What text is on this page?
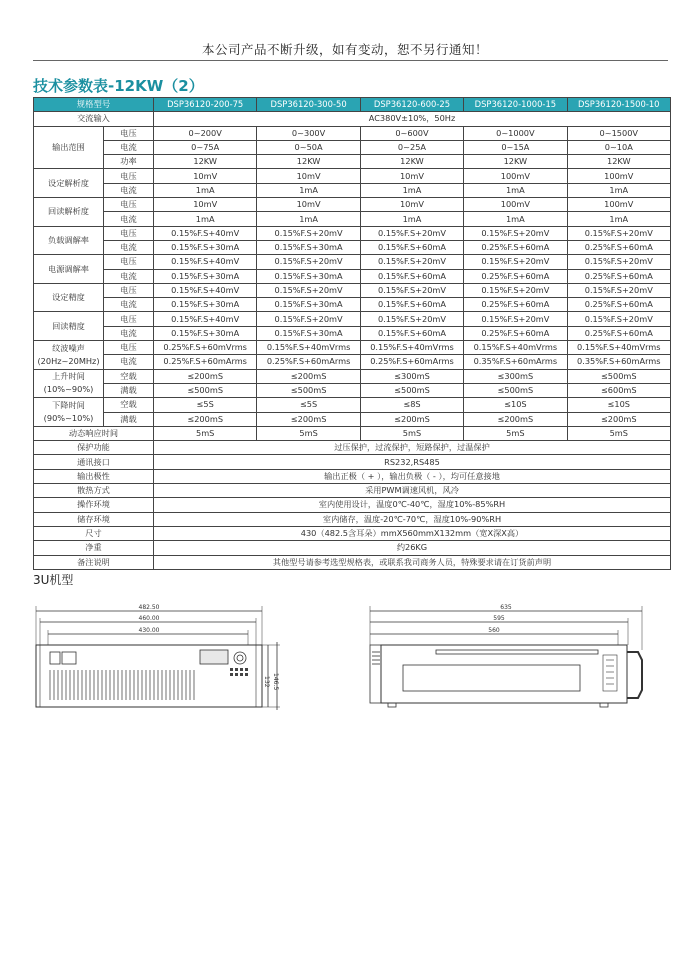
本公司产品不断升级，如有变动，恕不另行通知！
技术参数表-12KW（2）
规格型号		DSP36120-200-75	DSP36120-300-50	DSP36120-600-25	DSP36120-1000-15	DSP36120-1500-10
交流输入		AC380V±10%，50Hz				
输出范围	电压	0~200V	0~300V	0~600V	0~1000V	0~1500V
	电流	0~75A	0~50A	0~25A	0~15A	0~10A
	功率	12KW	12KW	12KW	12KW	12KW
设定解析度	电压	10mV	10mV	10mV	100mV	100mV
	电流	1mA	1mA	1mA	1mA	1mA
回读解析度	电压	10mV	10mV	10mV	100mV	100mV
	电流	1mA	1mA	1mA	1mA	1mA
负载调解率	电压	0.15%F.S+40mV	0.15%F.S+20mV	0.15%F.S+20mV	0.15%F.S+20mV	0.15%F.S+20mV
	电流	0.15%F.S+30mA	0.15%F.S+30mA	0.15%F.S+60mA	0.25%F.S+60mA	0.25%F.S+60mA
电源调解率	电压	0.15%F.S+40mV	0.15%F.S+20mV	0.15%F.S+20mV	0.15%F.S+20mV	0.15%F.S+20mV
	电流	0.15%F.S+30mA	0.15%F.S+30mA	0.15%F.S+60mA	0.25%F.S+60mA	0.25%F.S+60mA
设定精度	电压	0.15%F.S+40mV	0.15%F.S+20mV	0.15%F.S+20mV	0.15%F.S+20mV	0.15%F.S+20mV
	电流	0.15%F.S+30mA	0.15%F.S+30mA	0.15%F.S+60mA	0.25%F.S+60mA	0.25%F.S+60mA
回读精度	电压	0.15%F.S+40mV	0.15%F.S+20mV	0.15%F.S+20mV	0.15%F.S+20mV	0.15%F.S+20mV
	电流	0.15%F.S+30mA	0.15%F.S+30mA	0.15%F.S+60mA	0.25%F.S+60mA	0.25%F.S+60mA

纹波噪声
(20Hz~20MHz)	电压	0.25%F.S+60mVrms	0.15%F.S+40mVrms	0.15%F.S+40mVrms	0.15%F.S+40mVrms	0.15%F.S+40mVrms
	电流	0.25%F.S+60mArms	0.25%F.S+60mArms	0.25%F.S+60mArms	0.35%F.S+60mArms	0.35%F.S+60mArms

上升时间
(10%~90%)	空载	≤200mS	≤200mS	≤300mS	≤300mS	≤500mS
	满载	≤500mS	≤500mS	≤500mS	≤500mS	≤600mS

下降时间
(90%~10%)	空载	≤5S	≤5S	≤8S	≤10S	≤10S
	满载	≤200mS	≤200mS	≤200mS	≤200mS	≤200mS
动态响应时间		5mS	5mS	5mS	5mS	5mS
保护功能		过压保护，过流保护，短路保护，过温保护				
通讯接口		RS232,RS485				
输出极性		输出正极（ + ），输出负极（ - ），均可任意接地				
散热方式		采用PWM调速风机，风冷				
操作环境		室内使用设计，温度0℃-40℃，湿度10%-85%RH				
储存环境		室内储存，温度-20℃-70℃，湿度10%-90%RH				
尺寸		430（482.5含耳朵）mmX560mmX132mm（宽X深X高）				
净重		约26KG				
备注说明		其他型号请参考选型规格表，或联系我司商务人员，特殊要求请在订货前声明				
3U机型
482.50
460.00
430.00
132 146.5
635
595
560
